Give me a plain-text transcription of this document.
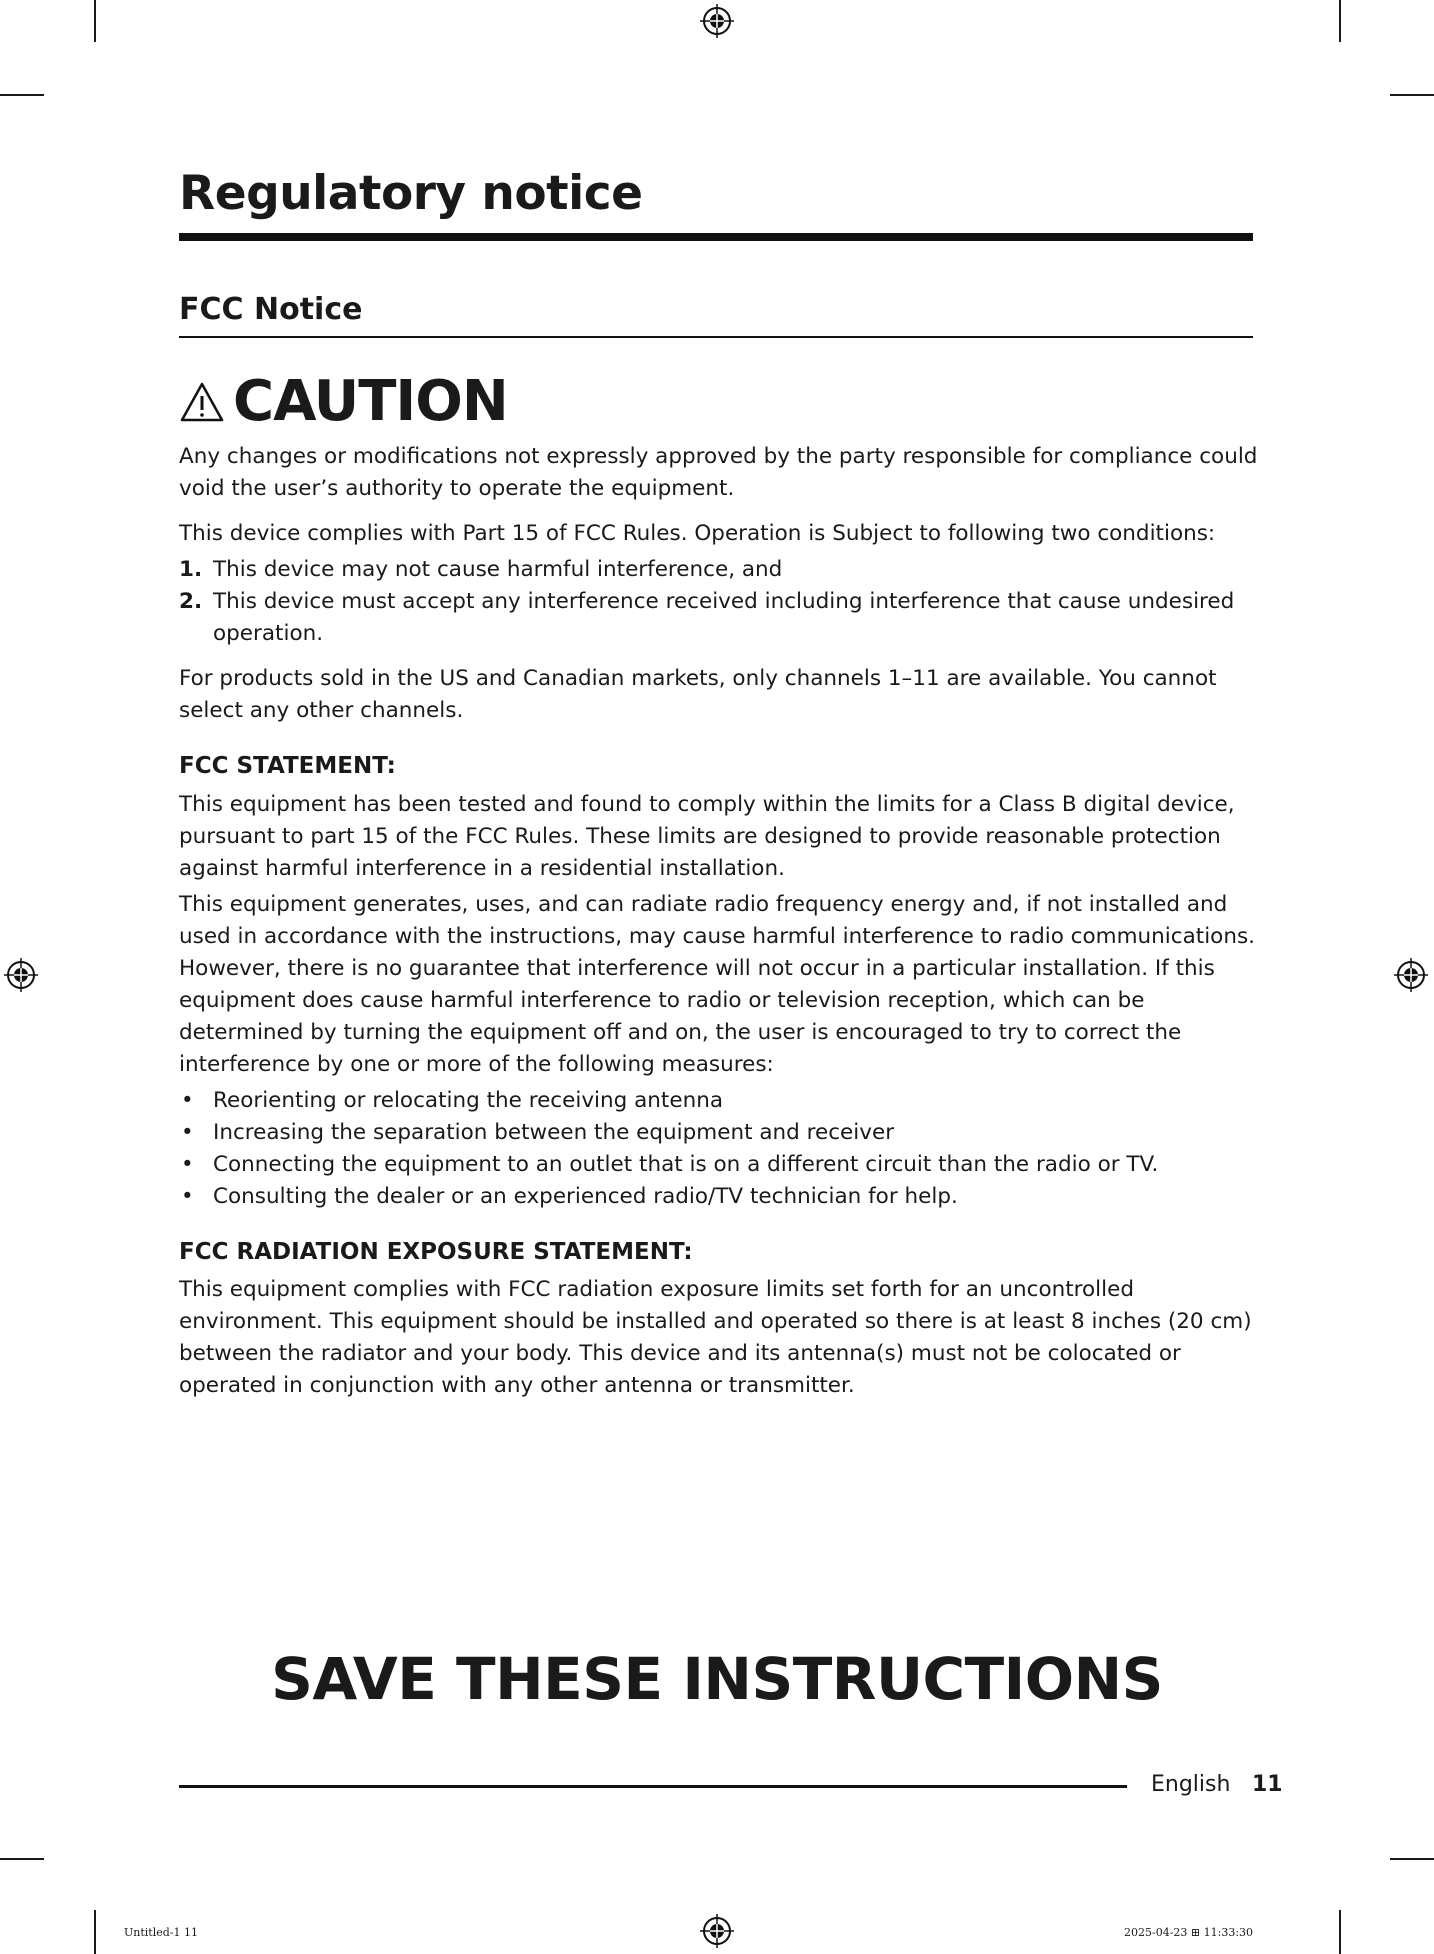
Regulatory notice
FCC Notice
CAUTION

Any changes or modifications not expressly approved by the party responsible for compliance could void the user’s authority to operate the equipment.

This device complies with Part 15 of FCC Rules. Operation is Subject to following two conditions:

1. This device may not cause harmful interference, and
2. This device must accept any interference received including interference that cause undesired operation.

For products sold in the US and Canadian markets, only channels 1–11 are available. You cannot select any other channels.

FCC STATEMENT:

This equipment has been tested and found to comply within the limits for a Class B digital device, pursuant to part 15 of the FCC Rules. These limits are designed to provide reasonable protection against harmful interference in a residential installation.

This equipment generates, uses, and can radiate radio frequency energy and, if not installed and used in accordance with the instructions, may cause harmful interference to radio communications. However, there is no guarantee that interference will not occur in a particular installation. If this equipment does cause harmful interference to radio or television reception, which can be determined by turning the equipment off and on, the user is encouraged to try to correct the interference by one or more of the following measures:

• Reorienting or relocating the receiving antenna
• Increasing the separation between the equipment and receiver
• Connecting the equipment to an outlet that is on a different circuit than the radio or TV.
• Consulting the dealer or an experienced radio/TV technician for help.
FCC RADIATION EXPOSURE STATEMENT:

This equipment complies with FCC radiation exposure limits set forth for an uncontrolled environment. This equipment should be installed and operated so there is at least 8 inches (20 cm) between the radiator and your body. This device and its antenna(s) must not be colocated or operated in conjunction with any other antenna or transmitter.

SAVE THESE INSTRUCTIONS
English 11
Untitled-1 11	2025-04-23 ⊞ 11:33:30
